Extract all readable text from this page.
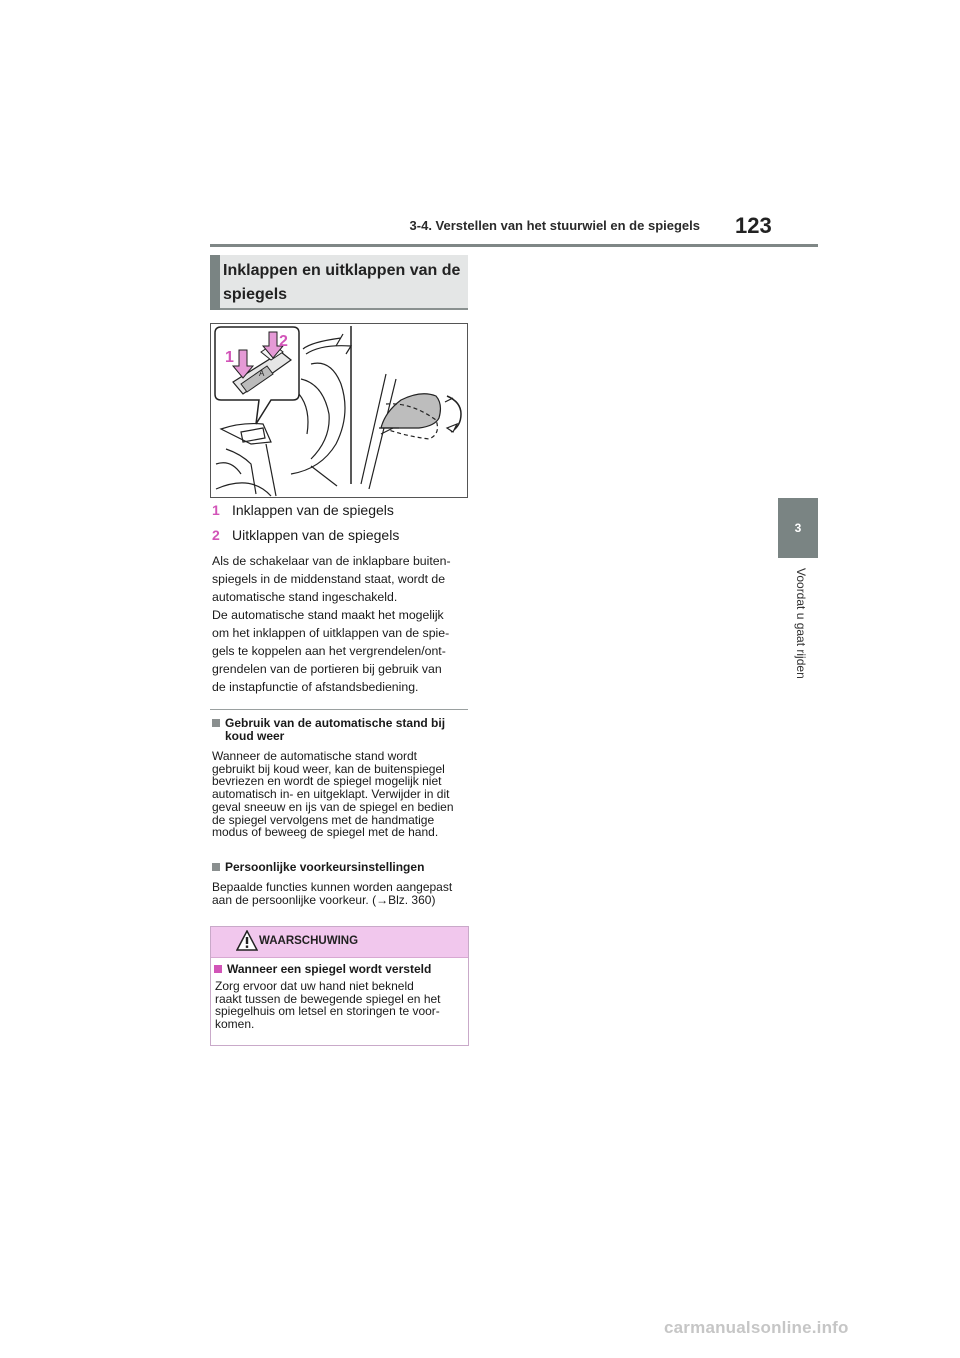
3-4. Verstellen van het stuurwiel en de spiegels 123
3
Voordat u gaat rijden
Inklappen en uitklappen van de spiegels
1
2
A
1 Inklappen van de spiegels
2 Uitklappen van de spiegels
Als de schakelaar van de inklapbare buiten-
spiegels in de middenstand staat, wordt de
automatische stand ingeschakeld.
De automatische stand maakt het mogelijk
om het inklappen of uitklappen van de spie-
gels te koppelen aan het vergrendelen/ont-
grendelen van de portieren bij gebruik van
de instapfunctie of afstandsbediening.
Gebruik van de automatische stand bij
koud weer
Wanneer de automatische stand wordt
gebruikt bij koud weer, kan de buitenspiegel
bevriezen en wordt de spiegel mogelijk niet
automatisch in- en uitgeklapt. Verwijder in dit
geval sneeuw en ijs van de spiegel en bedien
de spiegel vervolgens met de handmatige
modus of beweeg de spiegel met de hand.
Persoonlijke voorkeursinstellingen
Bepaalde functies kunnen worden aangepast
aan de persoonlijke voorkeur. (→Blz. 360)
WAARSCHUWING
Wanneer een spiegel wordt versteld
Zorg ervoor dat uw hand niet bekneld
raakt tussen de bewegende spiegel en het
spiegelhuis om letsel en storingen te voor-
komen.
carmanualsonline.info
